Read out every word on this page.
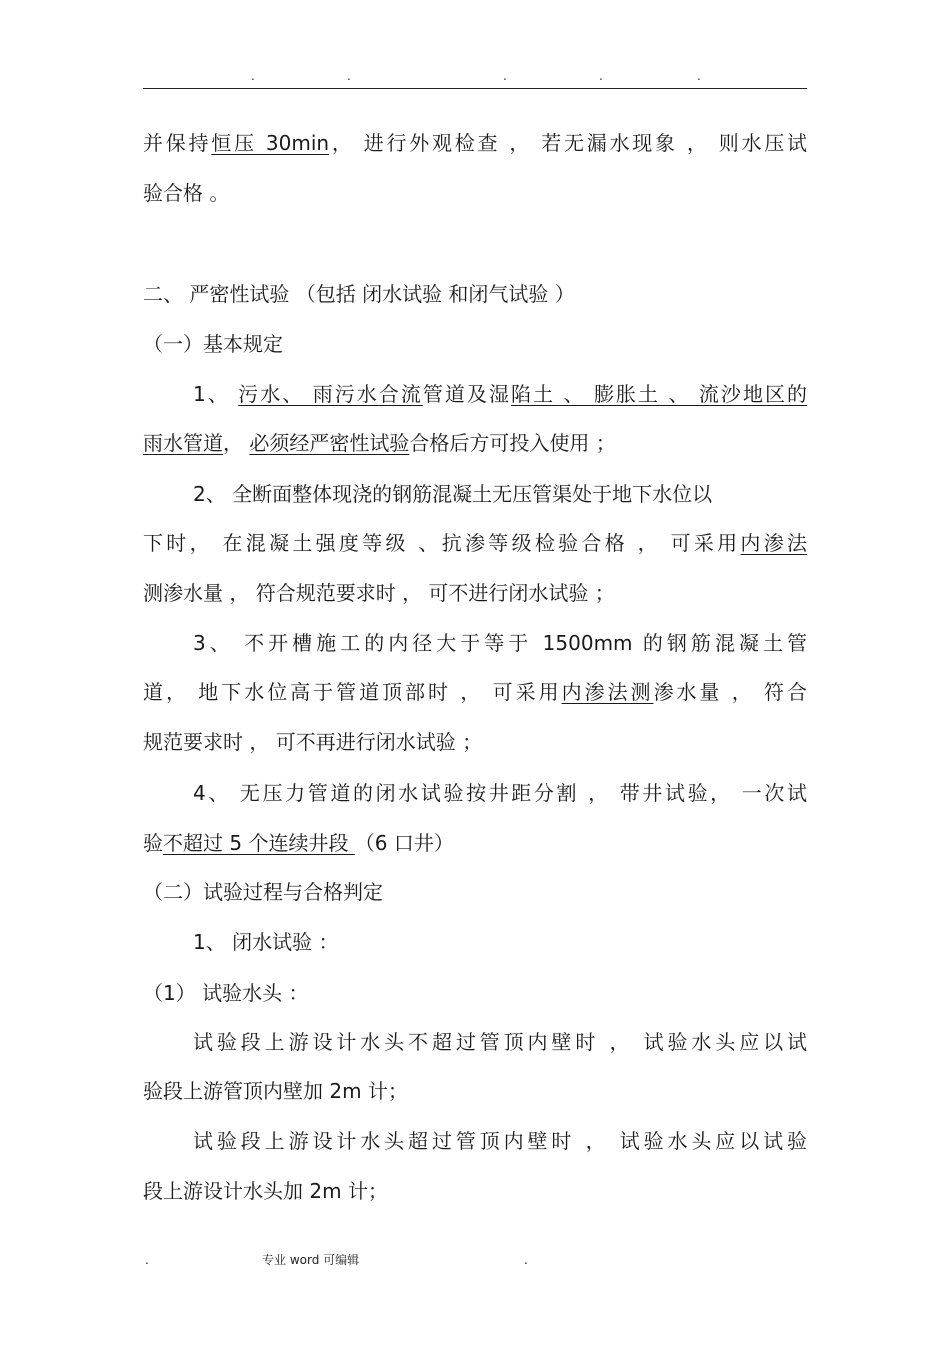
.	.	.	.	.

并保持恒压 30min， 进行外观检查 ， 若无漏水现象 ， 则水压试

验合格 。

二、 严密性试验 （包括 闭水试验 和闭气试验 ）

（一）基本规定

1、 污水、 雨污水合流管道及湿陷土 、 膨胀土 、 流沙地区的

雨水管道， 必须经严密性试验合格后方可投入使用 ；

2、 全断面整体现浇的钢筋混凝土无压管渠处于地下水位以

下时， 在混凝土强度等级 、抗渗等级检验合格 ， 可采用内渗法

测渗水量 ， 符合规范要求时 ， 可不进行闭水试验 ；

3、 不开槽施工的内径大于等于 1500mm 的钢筋混凝土管

道， 地下水位高于管道顶部时 ， 可采用内渗法测渗水量 ， 符合

规范要求时 ， 可不再进行闭水试验 ；

4、 无压力管道的闭水试验按井距分割 ， 带井试验， 一次试

验不超过 5 个连续井段 （6 口井）

（二）试验过程与合格判定

1、 闭水试验 ：

（1） 试验水头 ：

试验段上游设计水头不超过管顶内壁时 ， 试验水头应以试

验段上游管顶内壁加 2m 计；

试验段上游设计水头超过管顶内壁时 ， 试验水头应以试验

段上游设计水头加 2m 计；

.	专业 word 可编辑	.
